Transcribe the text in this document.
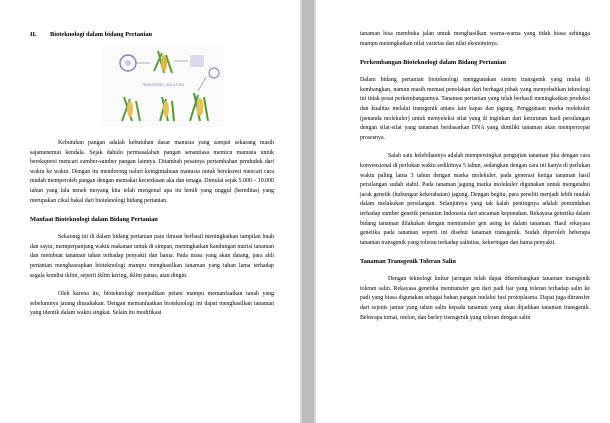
II. Bioteknologi dalam bidang Pertanian

TRANSGENIC SOLUTION

Kebutuhan pangan adalah kebutuhan dasar manusia yang sampai sekarang masih sajamenemui kendala. Sejak dahulu permasalahan pangan senantiasa memicu manusia untuk berekspresi mencari sumber-sumber pangan lainnya. Ditambah pesatnya pertambahan penduduk dari waktu ke waktu. Dengan itu mendorong naluri keingintahuan manusia untuk bereksresi mencari cara mudah memperoleh pangan dengan memakai kecerdasan aka dan tenaga. Dimulai sejak 5.000 – 10.000 tahun yang lalu nenek moyang kita telah mengenal apa itu benih yang unggul (hereditas) yang merupakan cikal bakal dari bioteknologi bidang pertanian.

Manfaat Bioteknologi dalam Bidang Pertanian

Sekarang ini di dalam bidang pertanian para ilmuan berhasil meningkatkan tampilan buah dan sayur, memperpanjang waktu makanan untuk di simpan, meningkatkan kandungan nutrisi tanaman dan membuat tanaman tahan terhadap penyakit dan hama. Pada masa yang akan datang, para ahli pertanian menghasrapkan bioteknologi mampu menghasilkan tanaman yang tahan lama terhadap segala kondisi iklim, seperti iklim kering, iklim panas, atau dingin.

Oleh karena itu, bioteknologi menjadikan petani mampu memanfaatkan tanah yang sebelumnya jarang diusahakan. Dengan memanfaatkan bioteknologi ini dapat menghasilkan tanaman yang identik dalam waktu singkat. Selain itu modifikasi

tanaman bisa membuka jalan untuk menghasilkan warna-warna yang tidak biasa sehingga mampu meningkatkan nilai varietas dan nilai ekonominya.

Perkembangan Bioteknologi dalam Bidang Pertanian

Dalam bidang pertanian bioteknologi menggunakan sistem transgenik yang mulai di kembangkan, namun masih menuai penolakan dari berbagai pihak yang menyebabkan teknologi ini tidak pesat perkembangannya. Tanaman pertanian yang telah berhasil meningkatkan produksi dan kualitas melalui transgenik antara lain kapas dan jagung. Penggunaan marka molekuler (penanda molekuler) untuk menyeleksi sifat yang di inginkan dari keturunan hasil persilangan dengan sifat-sifat yang tanaman berdasarkan DNA yang dimiliki tanaman akan mempercepat prosesnya.

Salah satu kelebihannya adalah mempersingkat pengujian tanaman jika dengan cara konvensional di perlukan waktu sedikitnya 5 tahun, sedangkan dengan cara ini hanya di perlukan waktu paling lama 3 tahun dengan marka molekuler, pada generasi ketiga tanaman hasil persilangan sudah stabil. Pada tanaman jagung marka molekuler digunakan untuk mengetahui jarak genetik (hubungan kekerabatan) jagung. Dengan begitu, para peneliti menjadi lebih mudah dalam melakukan persilangan. Selanjutnya yang tak kalah pentingnya adalah pemindahan terhadap sumber genetik pertanian Indonesia dari ancaman kepunahan. Rekayasa genetika dalam bidang tanaman dilakukan dengan mentransfer gen asing ke dalam tanaman. Hasil rekayasa genetika pada tanaman seperti ini disebut tanaman transgenik. Sudah diperoleh beberapa tanaman transgenik yang toleran terhadap salinitas, kekeringan dan hama penyakit.

Tanaman Transgenik Toleran Salin

Dengan teknologi kultur jaringan telah dapat dikembangkan tanaman transgenik toleran salin. Rekayasa genetika mentransfer gen dari padi liar yang toleran terhadap salin ke padi yang biasa digunakan sebagai bahan pangan melalui fusi protoplasma. Dapat juga ditransfer dari sejenis jamur yang tahan salin kepada tanaman yang akan dijadikan tanaman transgenik. Beberapa tomat, melon, dan barley transgenik yang toleran dengan salin
